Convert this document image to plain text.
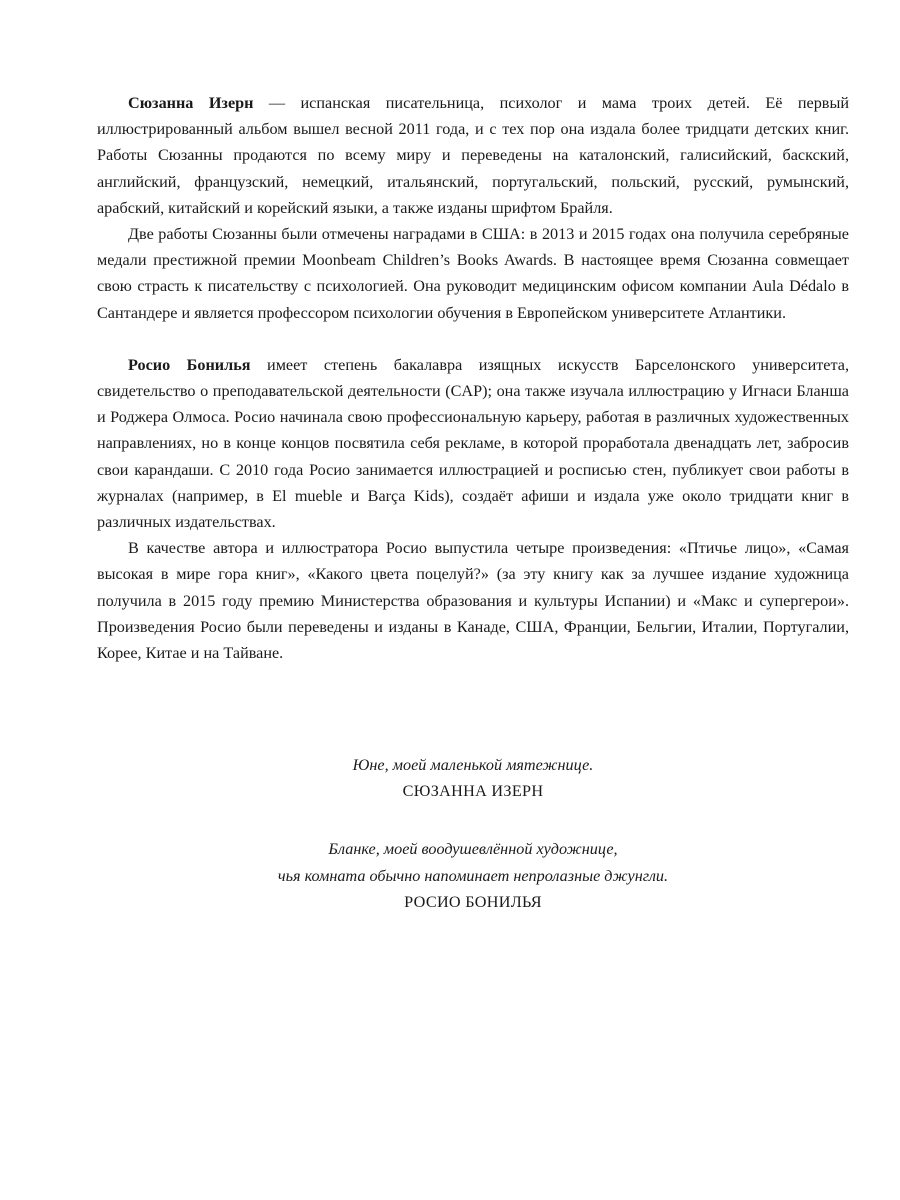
Сюзанна Изерн — испанская писательница, психолог и мама троих детей. Её первый иллюстрированный альбом вышел весной 2011 года, и с тех пор она издала более тридцати детских книг. Работы Сюзанны продаются по всему миру и переведены на каталонский, галисийский, баскский, английский, французский, немецкий, итальянский, португальский, польский, русский, румынский, арабский, китайский и корейский языки, а также изданы шрифтом Брайля.

Две работы Сюзанны были отмечены наградами в США: в 2013 и 2015 годах она получила серебряные медали престижной премии Moonbeam Children’s Books Awards. В настоящее время Сюзанна совмещает свою страсть к писательству с психологией. Она руководит медицинским офисом компании Aula Dédalo в Сантандере и является профессором психологии обучения в Европейском университете Атлантики.

Росио Бонилья имеет степень бакалавра изящных искусств Барселонского университета, свидетельство о преподавательской деятельности (CAP); она также изучала иллюстрацию у Игнаси Бланша и Роджера Олмоса. Росио начинала свою профессиональную карьеру, работая в различных художественных направлениях, но в конце концов посвятила себя рекламе, в которой проработала двенадцать лет, забросив свои карандаши. С 2010 года Росио занимается иллюстрацией и росписью стен, публикует свои работы в журналах (например, в El mueble и Barça Kids), создаёт афиши и издала уже около тридцати книг в различных издательствах.

В качестве автора и иллюстратора Росио выпустила четыре произведения: «Птичье лицо», «Самая высокая в мире гора книг», «Какого цвета поцелуй?» (за эту книгу как за лучшее издание художница получила в 2015 году премию Министерства образования и культуры Испании) и «Макс и супергерои». Произведения Росио были переведены и изданы в Канаде, США, Франции, Бельгии, Италии, Португалии, Корее, Китае и на Тайване.

Юне, моей маленькой мятежнице.
СЮЗАННА ИЗЕРН
Бланке, моей воодушевлённой художнице,
чья комната обычно напоминает непролазные джунгли.
РОСИО БОНИЛЬЯ
